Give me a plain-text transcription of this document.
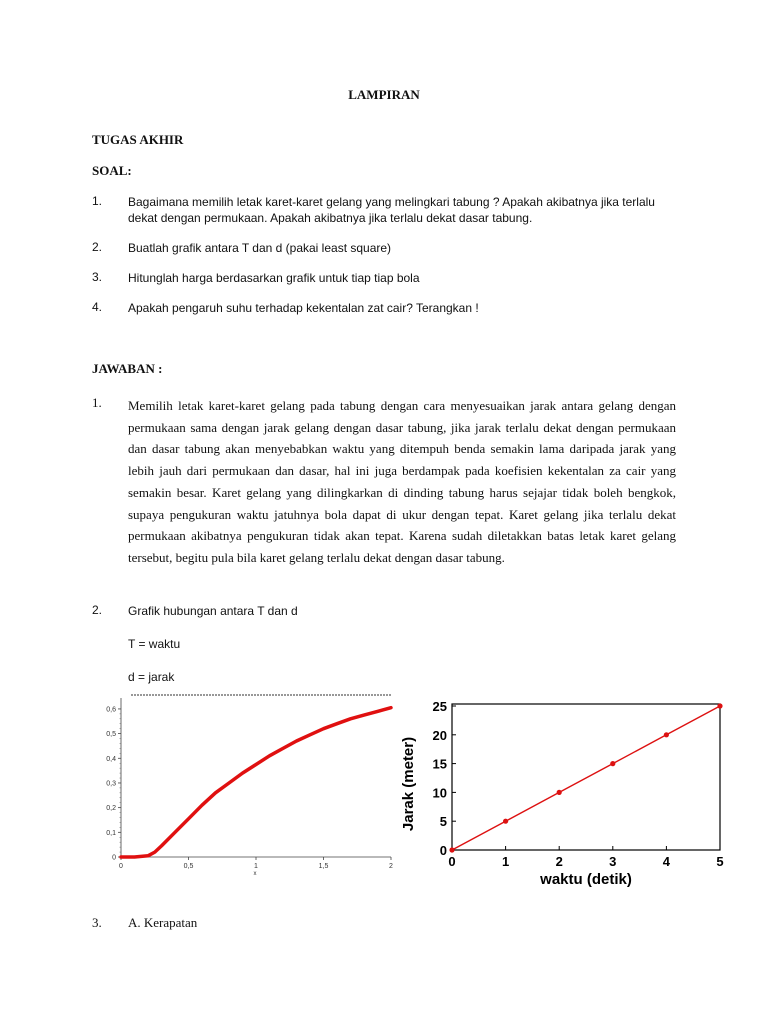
LAMPIRAN
TUGAS AKHIR
SOAL:
1. Bagaimana memilih letak karet-karet gelang yang melingkari tabung ? Apakah akibatnya jika terlalu dekat dengan permukaan. Apakah akibatnya jika terlalu dekat dasar tabung.
2. Buatlah grafik antara T dan d (pakai least square)
3. Hitunglah harga berdasarkan grafik untuk tiap tiap bola
4. Apakah pengaruh suhu terhadap kekentalan zat cair? Terangkan !
JAWABAN :
1. Memilih letak karet-karet gelang pada tabung dengan cara menyesuaikan jarak antara gelang dengan permukaan sama dengan jarak gelang dengan dasar tabung, jika jarak terlalu dekat dengan permukaan dan dasar tabung akan menyebabkan waktu yang ditempuh benda semakin lama daripada jarak yang lebih jauh dari permukaan dan dasar, hal ini juga berdampak pada koefisien kekentalan za cair yang semakin besar. Karet gelang yang dilingkarkan di dinding tabung harus sejajar tidak boleh bengkok, supaya pengukuran waktu jatuhnya bola dapat di ukur dengan tepat. Karet gelang jika terlalu dekat permukaan akibatnya pengukuran tidak akan tepat. Karena sudah diletakkan batas letak karet gelang tersebut, begitu pula bila karet gelang terlalu dekat dengan dasar tabung.
2. Grafik hubungan antara T dan d
T = waktu
d = jarak
0
0,1
0,2
0,3
0,4
0,5
0,6
0	0,5	1	1,5	2
x
0
5
10
15
20
25
0	1	2	3	4	5
waktu (detik)
Jarak (meter)
3. A. Kerapatan
